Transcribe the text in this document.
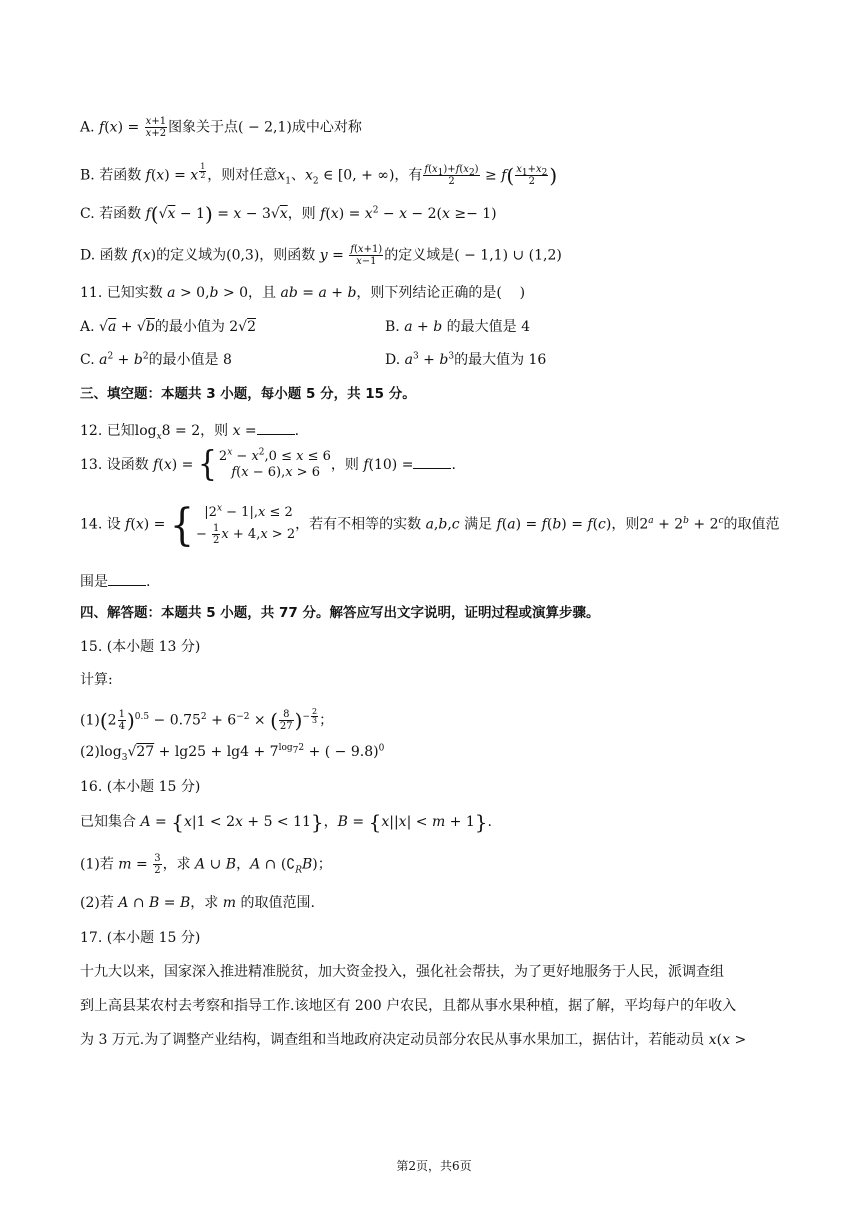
A. $f(x) = \frac{x+1}{x+2}$ 图象关于点( − 2,1)成中心对称
B. 若函数 f(x) = x $^{\frac{1}{2}}$ ，则对任意$x_1$、$x_2$ ∈ [0, + ∞)，有 $\frac{f(x_1)+f(x_2)}{2} \ge f( \frac{x_1+x_2}{2}$ )
C. 若函数 f(√x − 1) = x − 3√x，则 $f(x) = x^2 - x - 2(x \ge- 1)$
D. 函数 f(x)的定义域为(0,3)，则函数 $y = \frac{f(x+1)}{x-1}$ 的定义域是( − 1,1) ∪ (1,2)
11. 已知实数 a > 0,b > 0，且 ab = a + b，则下列结论正确的是(    )
A. √a + √b的最小值为 2√2	B. a + b 的最大值是 4
C. $a^2 + b^2$的最小值是 8	D. $a^3 + b^3$的最大值为 16
三、填空题：本题共 3 小题，每小题 5 分，共 15 分。
12. 已知$\log_x8 = 2$，则 x =	.
13. 设函数 f(x) = { $2^x - x^2,0 \le x \le 6$
f(x − 6),x > 6 ，则 f(10) =	.
14. 设 f(x) = {  $|2^x - 1|,x \le 2$
− $\frac{1}{2}$ x + 4,x > 2，若有不相等的实数 a,b,c 满足 f(a) = f(b) = f(c)，则$2^a + 2^b + 2^c$的取值范
围是	.
四、解答题：本题共 5 小题，共 77 分。解答应写出文字说明，证明过程或演算步骤。
15. (本小题 13 分)
计算:
$(1)(2 \frac{1}{4} )^{0.5} - 0.75^2 + 6^{-2}$ × ( $\frac{8}{27} )^{- \frac{2}{3}}$ ；
$(2)\log_3√27 + \lg 25 + \lg 4 + 7^{log_72}$ + ( − 9.8)$^0$
16. (本小题 15 分)
已知集合 A = {x|1 < 2x + 5 < 11}，B = {x||x| < m + 1}.
(1)若 $m = \frac{3}{2}$ ，求 A ∪ B，A ∩ $(∁_RB)$；
(2)若 A ∩ B = B，求 m 的取值范围.
17. (本小题 15 分)
十九大以来，国家深入推进精准脱贫，加大资金投入，强化社会帮扶，为了更好地服务于人民，派调查组
到上高县某农村去考察和指导工作.该地区有 200 户农民，且都从事水果种植，据了解，平均每户的年收入
为 3 万元.为了调整产业结构，调查组和当地政府决定动员部分农民从事水果加工，据估计，若能动员 x(x >
第2页，共6页
